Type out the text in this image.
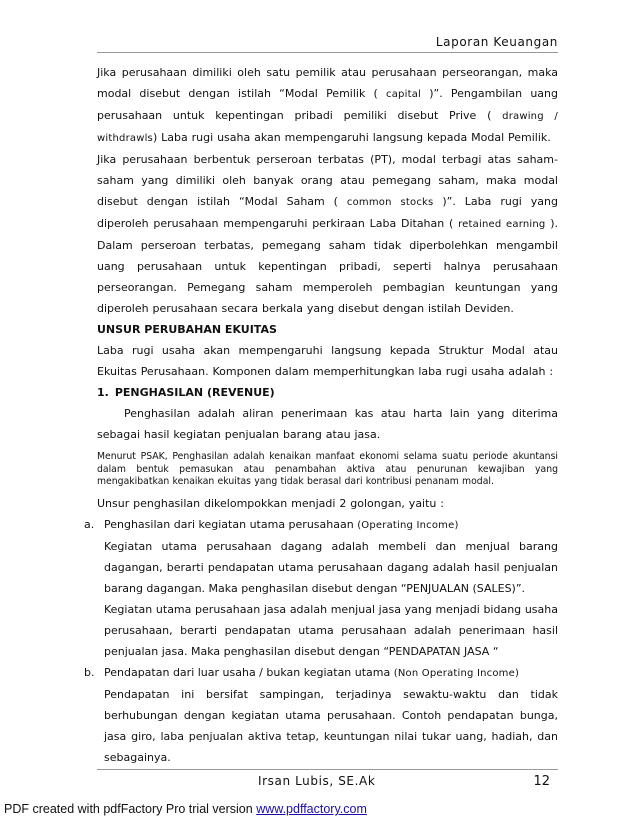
Laporan Keuangan

Jika perusahaan dimiliki oleh satu pemilik atau perusahaan perseorangan, maka modal disebut dengan istilah “Modal Pemilik ( capital )”. Pengambilan uang perusahaan untuk kepentingan pribadi pemiliki disebut Prive ( drawing / withdrawls) Laba rugi usaha akan mempengaruhi langsung kepada Modal Pemilik.

Jika perusahaan berbentuk perseroan terbatas (PT), modal terbagi atas saham-saham yang dimiliki oleh banyak orang atau pemegang saham, maka modal disebut dengan istilah “Modal Saham ( common stocks )”. Laba rugi yang diperoleh perusahaan mempengaruhi perkiraan Laba Ditahan ( retained earning ). Dalam perseroan terbatas, pemegang saham tidak diperbolehkan mengambil uang perusahaan untuk kepentingan pribadi, seperti halnya perusahaan perseorangan. Pemegang saham memperoleh pembagian keuntungan yang diperoleh perusahaan secara berkala yang disebut dengan istilah Deviden.

UNSUR PERUBAHAN EKUITAS

Laba rugi usaha akan mempengaruhi langsung kepada Struktur Modal atau Ekuitas Perusahaan. Komponen dalam memperhitungkan laba rugi usaha adalah :

1. PENGHASILAN (REVENUE)

Penghasilan adalah aliran penerimaan kas atau harta lain yang diterima sebagai hasil kegiatan penjualan barang atau jasa.

Menurut PSAK, Penghasilan adalah kenaikan manfaat ekonomi selama suatu periode akuntansi dalam bentuk pemasukan atau penambahan aktiva atau penurunan kewajiban yang mengakibatkan kenaikan ekuitas yang tidak berasal dari kontribusi penanam modal.

Unsur penghasilan dikelompokkan menjadi 2 golongan, yaitu :

a. Penghasilan dari kegiatan utama perusahaan (Operating Income)

Kegiatan utama perusahaan dagang adalah membeli dan menjual barang dagangan, berarti pendapatan utama perusahaan dagang adalah hasil penjualan barang dagangan. Maka penghasilan disebut dengan “PENJUALAN (SALES)”.

Kegiatan utama perusahaan jasa adalah menjual jasa yang menjadi bidang usaha perusahaan, berarti pendapatan utama perusahaan adalah penerimaan hasil penjualan jasa. Maka penghasilan disebut dengan “PENDAPATAN JASA “

b. Pendapatan dari luar usaha / bukan kegiatan utama (Non Operating Income)

Pendapatan ini bersifat sampingan, terjadinya sewaktu-waktu dan tidak berhubungan dengan kegiatan utama perusahaan. Contoh pendapatan bunga, jasa giro, laba penjualan aktiva tetap, keuntungan nilai tukar uang, hadiah, dan sebagainya.

Irsan Lubis, SE.Ak	12
PDF created with pdfFactory Pro trial version www.pdffactory.com
